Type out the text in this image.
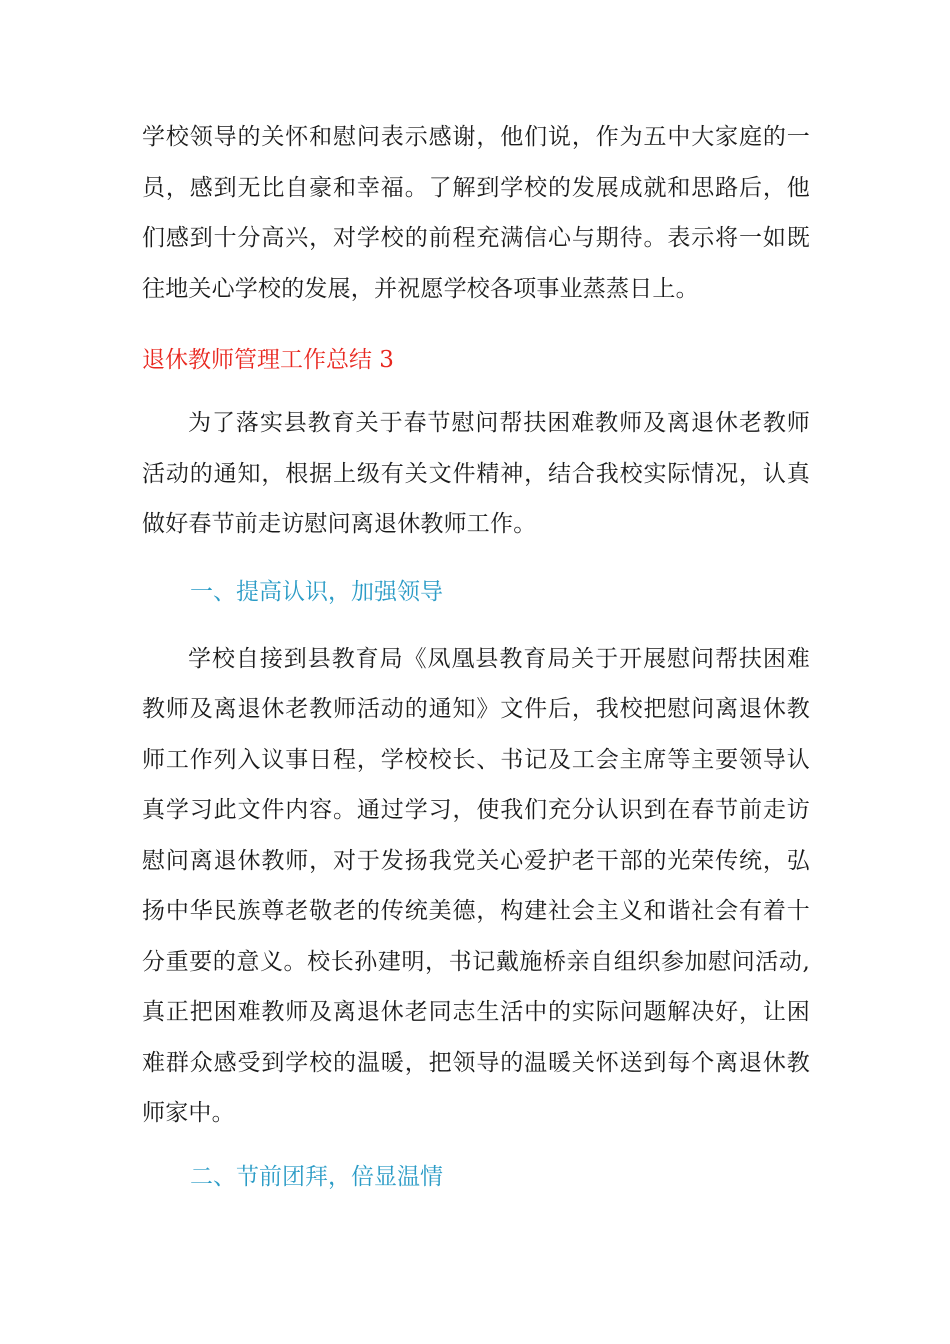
学校领导的关怀和慰问表示感谢，他们说，作为五中大家庭的一员，感到无比自豪和幸福。了解到学校的发展成就和思路后，他们感到十分高兴，对学校的前程充满信心与期待。表示将一如既往地关心学校的发展，并祝愿学校各项事业蒸蒸日上。

退休教师管理工作总结 3

为了落实县教育关于春节慰问帮扶困难教师及离退休老教师活动的通知，根据上级有关文件精神，结合我校实际情况，认真做好春节前走访慰问离退休教师工作。

一、提高认识，加强领导

学校自接到县教育局《凤凰县教育局关于开展慰问帮扶困难教师及离退休老教师活动的通知》文件后，我校把慰问离退休教师工作列入议事日程，学校校长、书记及工会主席等主要领导认真学习此文件内容。通过学习，使我们充分认识到在春节前走访慰问离退休教师，对于发扬我党关心爱护老干部的光荣传统，弘扬中华民族尊老敬老的传统美德，构建社会主义和谐社会有着十分重要的意义。校长孙建明，书记戴施桥亲自组织参加慰问活动,真正把困难教师及离退休老同志生活中的实际问题解决好，让困难群众感受到学校的温暖，把领导的温暖关怀送到每个离退休教师家中。

二、节前团拜，倍显温情
